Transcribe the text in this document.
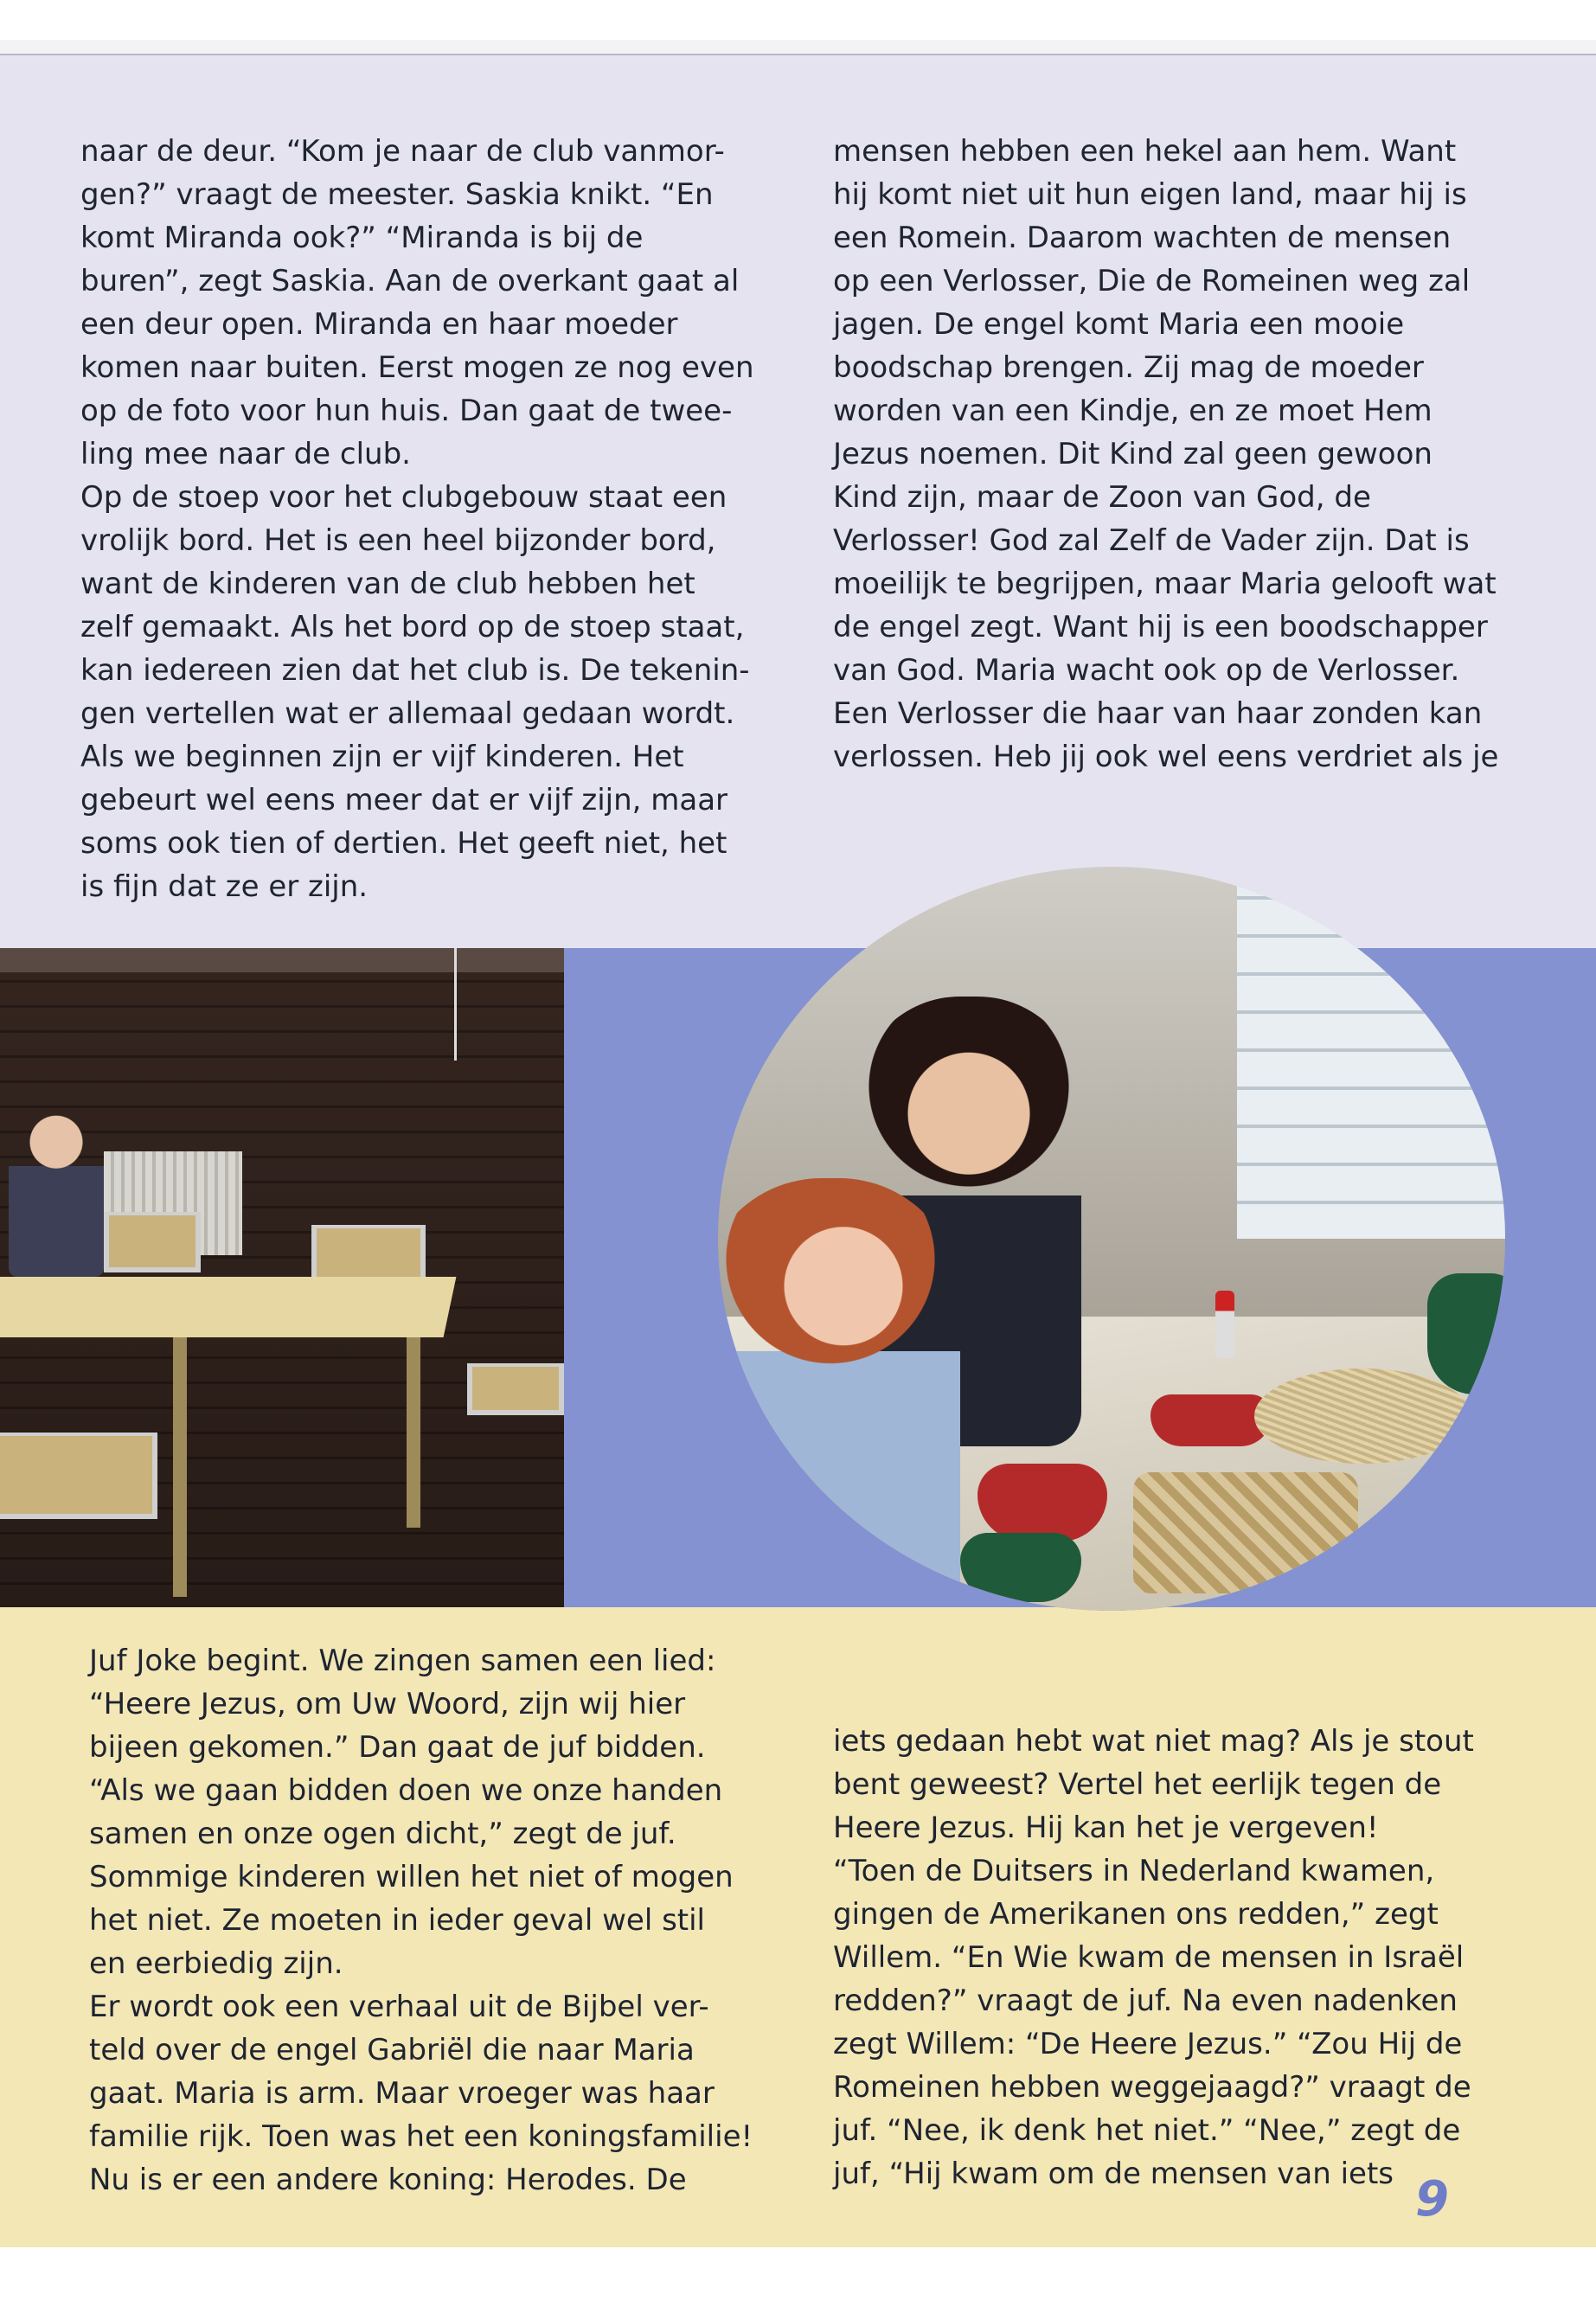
naar de deur. “Kom je naar de club vanmor-
gen?” vraagt de meester. Saskia knikt. “En
komt Miranda ook?” “Miranda is bij de
buren”, zegt Saskia. Aan de overkant gaat al
een deur open. Miranda en haar moeder
komen naar buiten. Eerst mogen ze nog even
op de foto voor hun huis. Dan gaat de twee-
ling mee naar de club.
Op de stoep voor het clubgebouw staat een
vrolijk bord. Het is een heel bijzonder bord,
want de kinderen van de club hebben het
zelf gemaakt. Als het bord op de stoep staat,
kan iedereen zien dat het club is. De tekenin-
gen vertellen wat er allemaal gedaan wordt.
Als we beginnen zijn er vijf kinderen. Het
gebeurt wel eens meer dat er vijf zijn, maar
soms ook tien of dertien. Het geeft niet, het
is fijn dat ze er zijn.

mensen hebben een hekel aan hem. Want
hij komt niet uit hun eigen land, maar hij is
een Romein. Daarom wachten de mensen
op een Verlosser, Die de Romeinen weg zal
jagen. De engel komt Maria een mooie
boodschap brengen. Zij mag de moeder
worden van een Kindje, en ze moet Hem
Jezus noemen. Dit Kind zal geen gewoon
Kind zijn, maar de Zoon van God, de
Verlosser! God zal Zelf de Vader zijn. Dat is
moeilijk te begrijpen, maar Maria gelooft wat
de engel zegt. Want hij is een boodschapper
van God. Maria wacht ook op de Verlosser.
Een Verlosser die haar van haar zonden kan
verlossen. Heb jij ook wel eens verdriet als je

Juf Joke begint. We zingen samen een lied:
“Heere Jezus, om Uw Woord, zijn wij hier
bijeen gekomen.” Dan gaat de juf bidden.
“Als we gaan bidden doen we onze handen
samen en onze ogen dicht,” zegt de juf.
Sommige kinderen willen het niet of mogen
het niet. Ze moeten in ieder geval wel stil
en eerbiedig zijn.
Er wordt ook een verhaal uit de Bijbel ver-
teld over de engel Gabriël die naar Maria
gaat. Maria is arm. Maar vroeger was haar
familie rijk. Toen was het een koningsfamilie!
Nu is er een andere koning: Herodes. De

iets gedaan hebt wat niet mag? Als je stout
bent geweest? Vertel het eerlijk tegen de
Heere Jezus. Hij kan het je vergeven!
“Toen de Duitsers in Nederland kwamen,
gingen de Amerikanen ons redden,” zegt
Willem. “En Wie kwam de mensen in Israël
redden?” vraagt de juf. Na even nadenken
zegt Willem: “De Heere Jezus.” “Zou Hij de
Romeinen hebben weggejaagd?” vraagt de
juf. “Nee, ik denk het niet.” “Nee,” zegt de
juf, “Hij kwam om de mensen van iets 9
